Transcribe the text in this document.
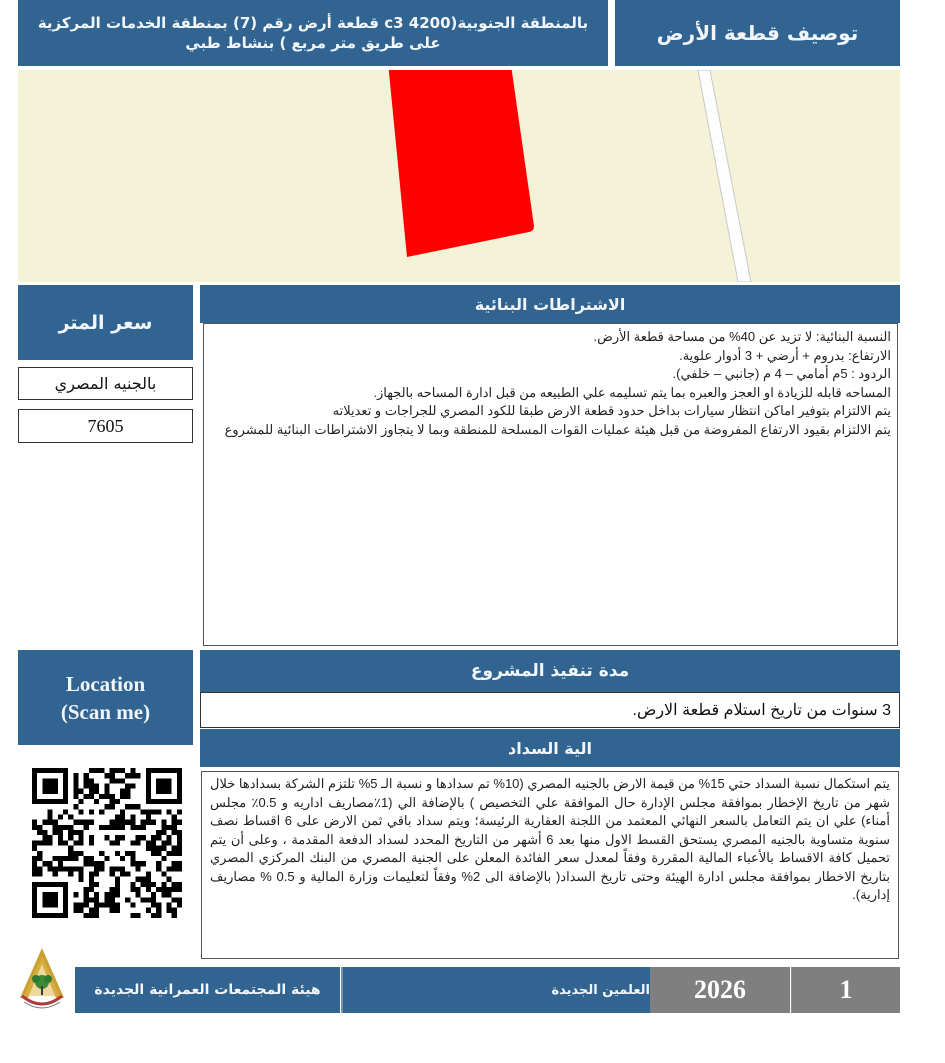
بالمنطقة الجنوبية(4200 c3 قطعة أرض رقم (7) بمنطقة الخدمات المركزية على طريق متر مربع ) بنشاط طبي	توصيف قطعة الأرض
سعر المتر
بالجنيه المصري
7605
الاشتراطات البنائية
النسبة البنائية: لا تزيد عن 40% من مساحة قطعة الأرض.
الارتفاع: بدروم + أرضي + 3 أدوار علوية.
الردود : 5م أمامي – 4 م (جانبي – خلفي).
المساحه قابله للزيادة او العجز والعبره بما يتم تسليمه علي الطبيعه من قبل ادارة المساحه بالجهاز.
يتم الالتزام بتوفير اماكن انتظار سيارات بداخل حدود قطعة الارض طبقا للكود المصري للجراجات و تعديلاته
يتم الالتزام بقيود الارتفاع المفروضة من قبل هيئة عمليات القوات المسلحة للمنطقة وبما لا يتجاوز الاشتراطات البنائية للمشروع
Location
(Scan me)
مدة تنفيذ المشروع
3 سنوات من تاريخ استلام قطعة الارض.
الية السداد
يتم استكمال نسبة السداد حتي 15% من قيمة الارض بالجنيه المصري (10% تم سدادها و نسبة الـ 5% تلتزم الشركة بسدادها خلال شهر من تاريخ الإخطار بموافقة مجلس الإدارة حال الموافقة علي التخصيص ) بالإضافة الي (1٪مصاريف اداريه و 0.5٪ مجلس أمناء) علي ان يتم التعامل بالسعر النهائي المعتمد من اللجنة العقارية الرئيسة؛ ويتم سداد باقي ثمن الارض على 6 اقساط نصف سنوية متساوية بالجنيه المصري يستحق القسط الاول منها بعد 6 أشهر من التاريخ المحدد لسداد الدفعة المقدمة ، وعلى أن يتم تحميل كافة الاقساط بالأعباء المالية المقررة وفقاً لمعدل سعر الفائدة المعلن على الجنية المصري من البنك المركزي المصري بتاريخ الاخطار بموافقة مجلس ادارة الهيئة وحتى تاريخ السداد( بالإضافة الى 2% وفقاً لتعليمات وزارة المالية و 0.5 % مصاريف إدارية).
هيئة المجتمعات العمرانية الجديدة	العلمين الجديدة 2026	1
